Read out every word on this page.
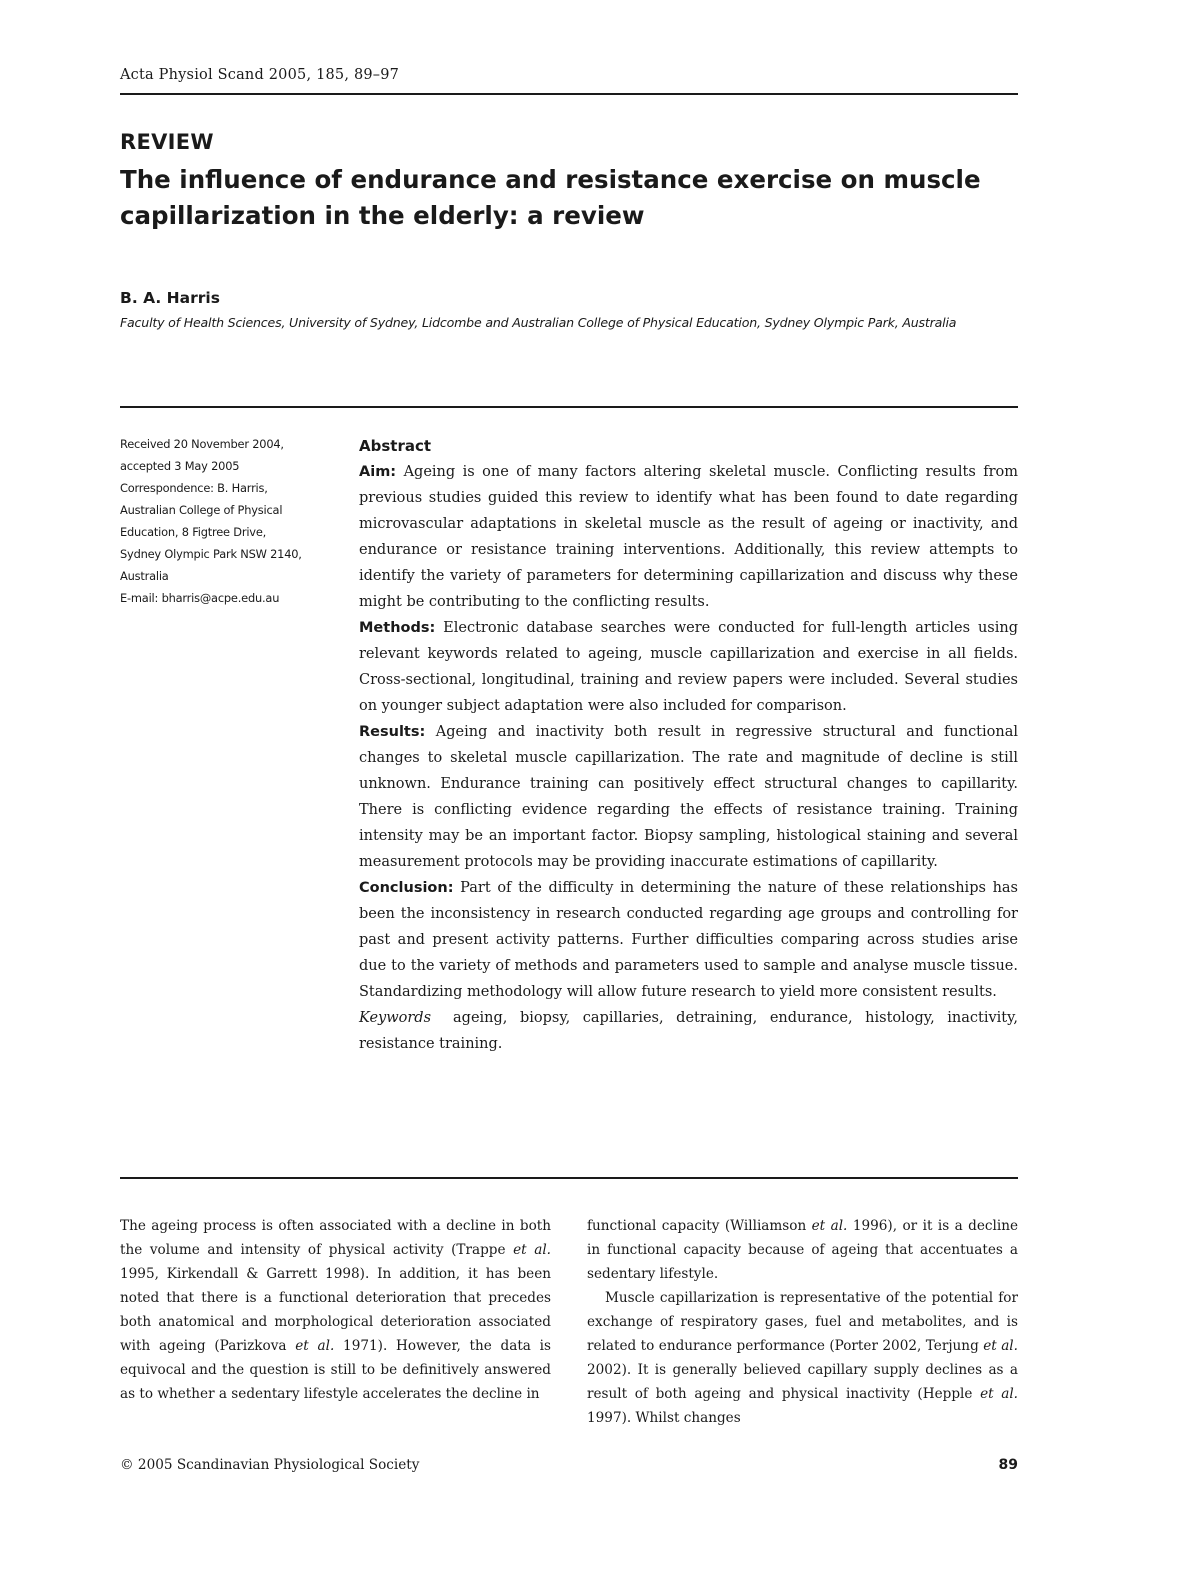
Acta Physiol Scand 2005, 185, 89–97
REVIEW
The influence of endurance and resistance exercise on muscle capillarization in the elderly: a review
B. A. Harris
Faculty of Health Sciences, University of Sydney, Lidcombe and Australian College of Physical Education, Sydney Olympic Park, Australia
Received 20 November 2004,
accepted 3 May 2005
Correspondence: B. Harris,
Australian College of Physical
Education, 8 Figtree Drive,
Sydney Olympic Park NSW 2140,
Australia
E-mail: bharris@acpe.edu.au

Abstract

Aim: Ageing is one of many factors altering skeletal muscle. Conflicting results from previous studies guided this review to identify what has been found to date regarding microvascular adaptations in skeletal muscle as the result of ageing or inactivity, and endurance or resistance training interventions. Additionally, this review attempts to identify the variety of parameters for determining capillarization and discuss why these might be contributing to the conflicting results.

Methods: Electronic database searches were conducted for full-length articles using relevant keywords related to ageing, muscle capillarization and exercise in all fields. Cross-sectional, longitudinal, training and review papers were included. Several studies on younger subject adaptation were also included for comparison.

Results: Ageing and inactivity both result in regressive structural and functional changes to skeletal muscle capillarization. The rate and magnitude of decline is still unknown. Endurance training can positively effect structural changes to capillarity. There is conflicting evidence regarding the effects of resistance training. Training intensity may be an important factor. Biopsy sampling, histological staining and several measurement protocols may be providing inaccurate estimations of capillarity.

Conclusion: Part of the difficulty in determining the nature of these relationships has been the inconsistency in research conducted regarding age groups and controlling for past and present activity patterns. Further difficulties comparing across studies arise due to the variety of methods and parameters used to sample and analyse muscle tissue. Standardizing methodology will allow future research to yield more consistent results.

Keywords ageing, biopsy, capillaries, detraining, endurance, histology, inactivity, resistance training.

The ageing process is often associated with a decline in both the volume and intensity of physical activity (Trappe et al. 1995, Kirkendall & Garrett 1998). In addition, it has been noted that there is a functional deterioration that precedes both anatomical and morphological deterioration associated with ageing (Parizkova et al. 1971). However, the data is equivocal and the question is still to be definitively answered as to whether a sedentary lifestyle accelerates the decline in

functional capacity (Williamson et al. 1996), or it is a decline in functional capacity because of ageing that accentuates a sedentary lifestyle.

Muscle capillarization is representative of the potential for exchange of respiratory gases, fuel and metabolites, and is related to endurance performance (Porter 2002, Terjung et al. 2002). It is generally believed capillary supply declines as a result of both ageing and physical inactivity (Hepple et al. 1997). Whilst changes

© 2005 Scandinavian Physiological Society	89
